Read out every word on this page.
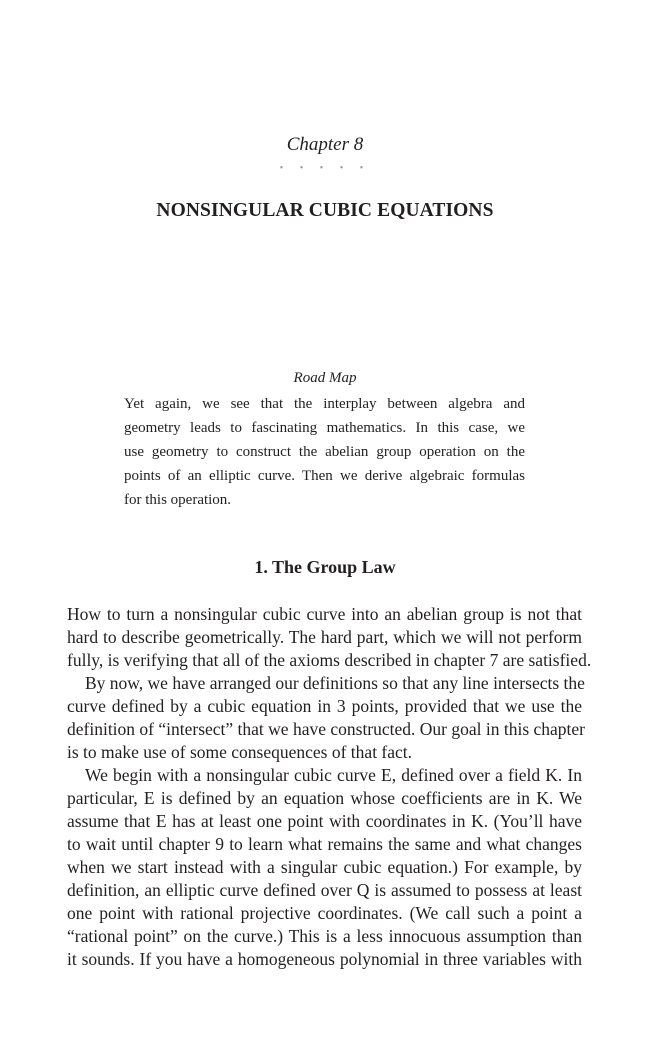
Chapter 8
• • • • •
NONSINGULAR CUBIC EQUATIONS
Road Map
Yet again, we see that the interplay between algebra and
geometry leads to fascinating mathematics. In this case, we
use geometry to construct the abelian group operation on the
points of an elliptic curve. Then we derive algebraic formulas
for this operation.
1. The Group Law
How to turn a nonsingular cubic curve into an abelian group is not that
hard to describe geometrically. The hard part, which we will not perform
fully, is verifying that all of the axioms described in chapter 7 are satisfied.
By now, we have arranged our definitions so that any line intersects the
curve defined by a cubic equation in 3 points, provided that we use the
definition of “intersect” that we have constructed. Our goal in this chapter
is to make use of some consequences of that fact.
We begin with a nonsingular cubic curve E, defined over a field K. In
particular, E is defined by an equation whose coefficients are in K. We
assume that E has at least one point with coordinates in K. (You’ll have
to wait until chapter 9 to learn what remains the same and what changes
when we start instead with a singular cubic equation.) For example, by
definition, an elliptic curve defined over Q is assumed to possess at least
one point with rational projective coordinates. (We call such a point a
“rational point” on the curve.) This is a less innocuous assumption than
it sounds. If you have a homogeneous polynomial in three variables with
